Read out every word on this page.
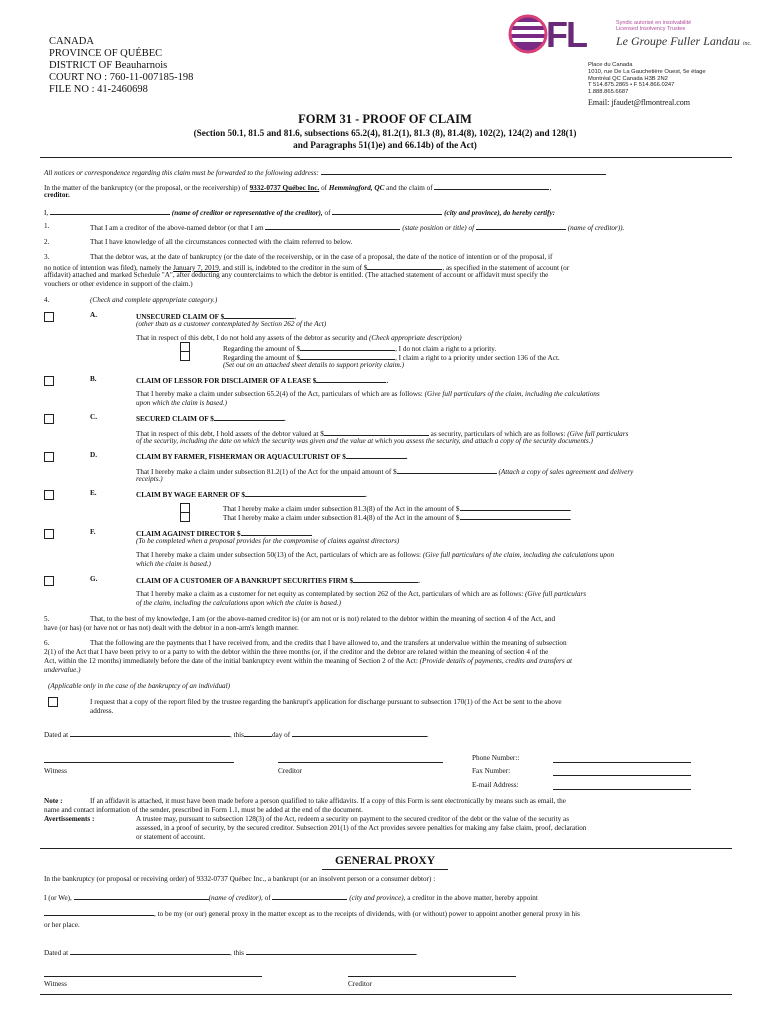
CANADA
PROVINCE OF QUÉBEC
DISTRICT OF Beauharnois
COURT NO : 760-11-007185-198
FILE NO : 41-2460698
FL	Syndic autorisé en insolvabilité
Licensed Insolvency Trustee
Le Groupe Fuller Landau inc.
Place du Canada
1010, rue De La Gauchetière Ouest, 5e étage
Montréal QC Canada H3B 2N2
T 514.875.2865 • F 514.866.0247
1.888.865.6687
Email: jfaudet@flmontreal.com
FORM 31 - PROOF OF CLAIM
(Section 50.1, 81.5 and 81.6, subsections 65.2(4), 81.2(1), 81.3 (8), 81.4(8), 102(2), 124(2) and 128(1)
and Paragraphs 51(1)e) and 66.14b) of the Act)
All notices or correspondence regarding this claim must be forwarded to the following address:
In the matter of the bankruptcy (or the proposal, or the receivership) of 9332-0737 Québec Inc. of Hemmingford, QC and the claim of	,
creditor.
I,	(name of creditor or representative of the creditor), of	(city and province), do hereby certify:
1.	That I am a creditor of the above-named debtor (or that I am	(state position or title) of	(name of creditor)).
2.	That I have knowledge of all the circumstances connected with the claim referred to below.
3.	That the debtor was, at the date of bankruptcy (or the date of the receivership, or in the case of a proposal, the date of the notice of intention or of the proposal, if
no notice of intention was filed), namely the January 7, 2019, and still is, indebted to the creditor in the sum of $	, as specified in the statement of account (or
affidavit) attached and marked Schedule "A", after deducting any counterclaims to which the debtor is entitled. (The attached statement of account or affidavit must specify the
vouchers or other evidence in support of the claim.)
4.	(Check and complete appropriate category.)
A.	UNSECURED CLAIM OF $	.
(other than as a customer contemplated by Section 262 of the Act)
That in respect of this debt, I do not hold any assets of the debtor as security and (Check appropriate description)
Regarding the amount of $	, I do not claim a right to a priority.
Regarding the amount of $	, I claim a right to a priority under section 136 of the Act.
(Set out on an attached sheet details to support priority claim.)
B.	CLAIM OF LESSOR FOR DISCLAIMER OF A LEASE $	.
That I hereby make a claim under subsection 65.2(4) of the Act, particulars of which are as follows: (Give full particulars of the claim, including the calculations
upon which the claim is based.)
C.	SECURED CLAIM OF $	.
That in respect of this debt, I hold assets of the debtor valued at $	as security, particulars of which are as follows: (Give full particulars
of the security, including the date on which the security was given and the value at which you assess the security, and attach a copy of the security documents.)
D.	CLAIM BY FARMER, FISHERMAN OR AQUACULTURIST OF $	.
That I hereby make a claim under subsection 81.2(1) of the Act for the unpaid amount of $	(Attach a copy of sales agreement and delivery
receipts.)
E.	CLAIM BY WAGE EARNER OF $	.
That I hereby make a claim under subsection 81.3(8) of the Act in the amount of $	.
That I hereby make a claim under subsection 81.4(8) of the Act in the amount of $	.
F.	CLAIM AGAINST DIRECTOR $	.
(To be completed when a proposal provides for the compromise of claims against directors)
That I hereby make a claim under subsection 50(13) of the Act, particulars of which are as follows: (Give full particulars of the claim, including the calculations upon
which the claim is based.)
G.	CLAIM OF A CUSTOMER OF A BANKRUPT SECURITIES FIRM $	.
That I hereby make a claim as a customer for net equity as contemplated by section 262 of the Act, particulars of which are as follows: (Give full particulars
of the claim, including the calculations upon which the claim is based.)
5.	That, to the best of my knowledge, I am (or the above-named creditor is) (or am not or is not) related to the debtor within the meaning of section 4 of the Act, and
have (or has) (or have not or has not) dealt with the debtor in a non-arm's length manner.
6.	That the following are the payments that I have received from, and the credits that I have allowed to, and the transfers at undervalue within the meaning of subsection
2(1) of the Act that I have been privy to or a party to with the debtor within the three months (or, if the creditor and the debtor are related within the meaning of section 4 of the
Act, within the 12 months) immediately before the date of the initial bankruptcy event within the meaning of Section 2 of the Act: (Provide details of payments, credits and transfers at
undervalue.)
(Applicable only in the case of the bankruptcy of an individual)
I request that a copy of the report filed by the trustee regarding the bankrupt's application for discharge pursuant to subsection 170(1) of the Act be sent to the above
address.
Dated at	, this	day of	.
Phone Number::
Witness	Creditor	Fax Number:
E-mail Address:
Note :	If an affidavit is attached, it must have been made before a person qualified to take affidavits. If a copy of this Form is sent electronically by means such as email, the
name and contact information of the sender, prescribed in Form 1.1, must be added at the end of the document.
Avertissements :	A trustee may, pursuant to subsection 128(3) of the Act, redeem a security on payment to the secured creditor of the debt or the value of the security as
assessed, in a proof of security, by the secured creditor. Subsection 201(1) of the Act provides severe penalties for making any false claim, proof, declaration
or statement of account.
GENERAL PROXY
In the bankruptcy (or proposal or receiving order) of 9332-0737 Québec Inc., a bankrupt (or an insolvent person or a consumer debtor) :
I (or We),	(name of creditor), of	(city and province), a creditor in the above matter, hereby appoint
, to be my (or our) general proxy in the matter except as to the receipts of dividends, with (or without) power to appoint another general proxy in his
or her place.
Dated at	, this	.
Witness	Creditor
